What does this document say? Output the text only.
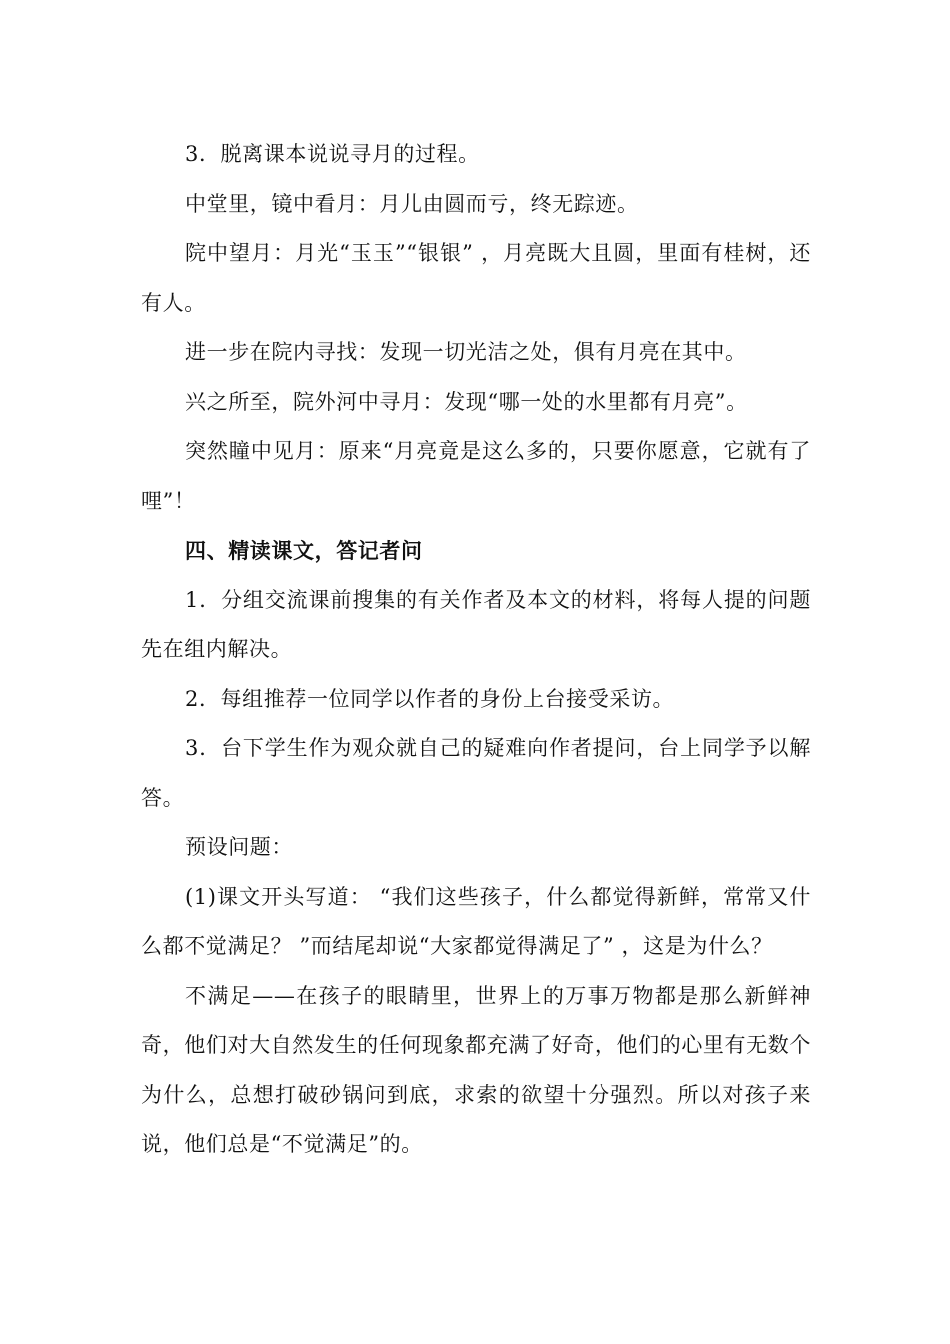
3．脱离课本说说寻月的过程。

中堂里，镜中看月：月儿由圆而亏，终无踪迹。

院中望月：月光“玉玉”“银银” ，月亮既大且圆，里面有桂树，还有人。

进一步在院内寻找：发现一切光洁之处，俱有月亮在其中。

兴之所至，院外河中寻月：发现“哪一处的水里都有月亮”。

突然瞳中见月：原来“月亮竟是这么多的，只要你愿意，它就有了哩”！

四、精读课文，答记者问

1．分组交流课前搜集的有关作者及本文的材料，将每人提的问题先在组内解决。

2．每组推荐一位同学以作者的身份上台接受采访。

3．台下学生作为观众就自己的疑难向作者提问，台上同学予以解答。

预设问题：

(1)课文开头写道： “我们这些孩子，什么都觉得新鲜，常常又什么都不觉满足？ ”而结尾却说“大家都觉得满足了” ，这是为什么？

不满足——在孩子的眼睛里，世界上的万事万物都是那么新鲜神奇，他们对大自然发生的任何现象都充满了好奇，他们的心里有无数个为什么，总想打破砂锅问到底，求索的欲望十分强烈。所以对孩子来说，他们总是“不觉满足”的。
